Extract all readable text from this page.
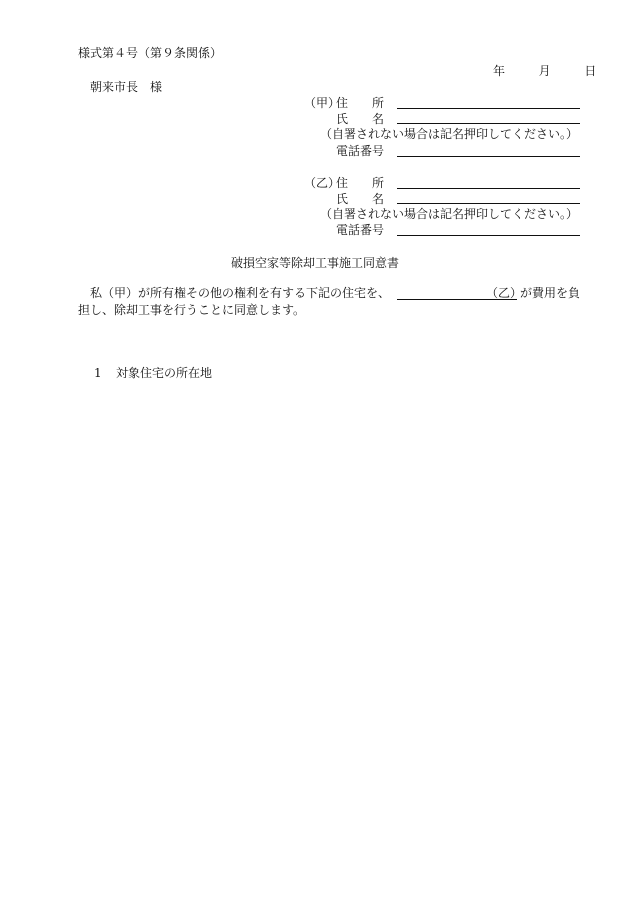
様式第４号（第９条関係）
年	月	日
朝来市長　様
（甲）
住　　所
氏　　名
（自署されない場合は記名押印してください。）
電話番号
（乙）
住　　所
氏　　名
（自署されない場合は記名押印してください。）
電話番号
破損空家等除却工事施工同意書
私（甲）が所有権その他の権利を有する下記の住宅を、	（乙）
が費用を負
担し、除却工事を行うことに同意します。
1 対象住宅の所在地
